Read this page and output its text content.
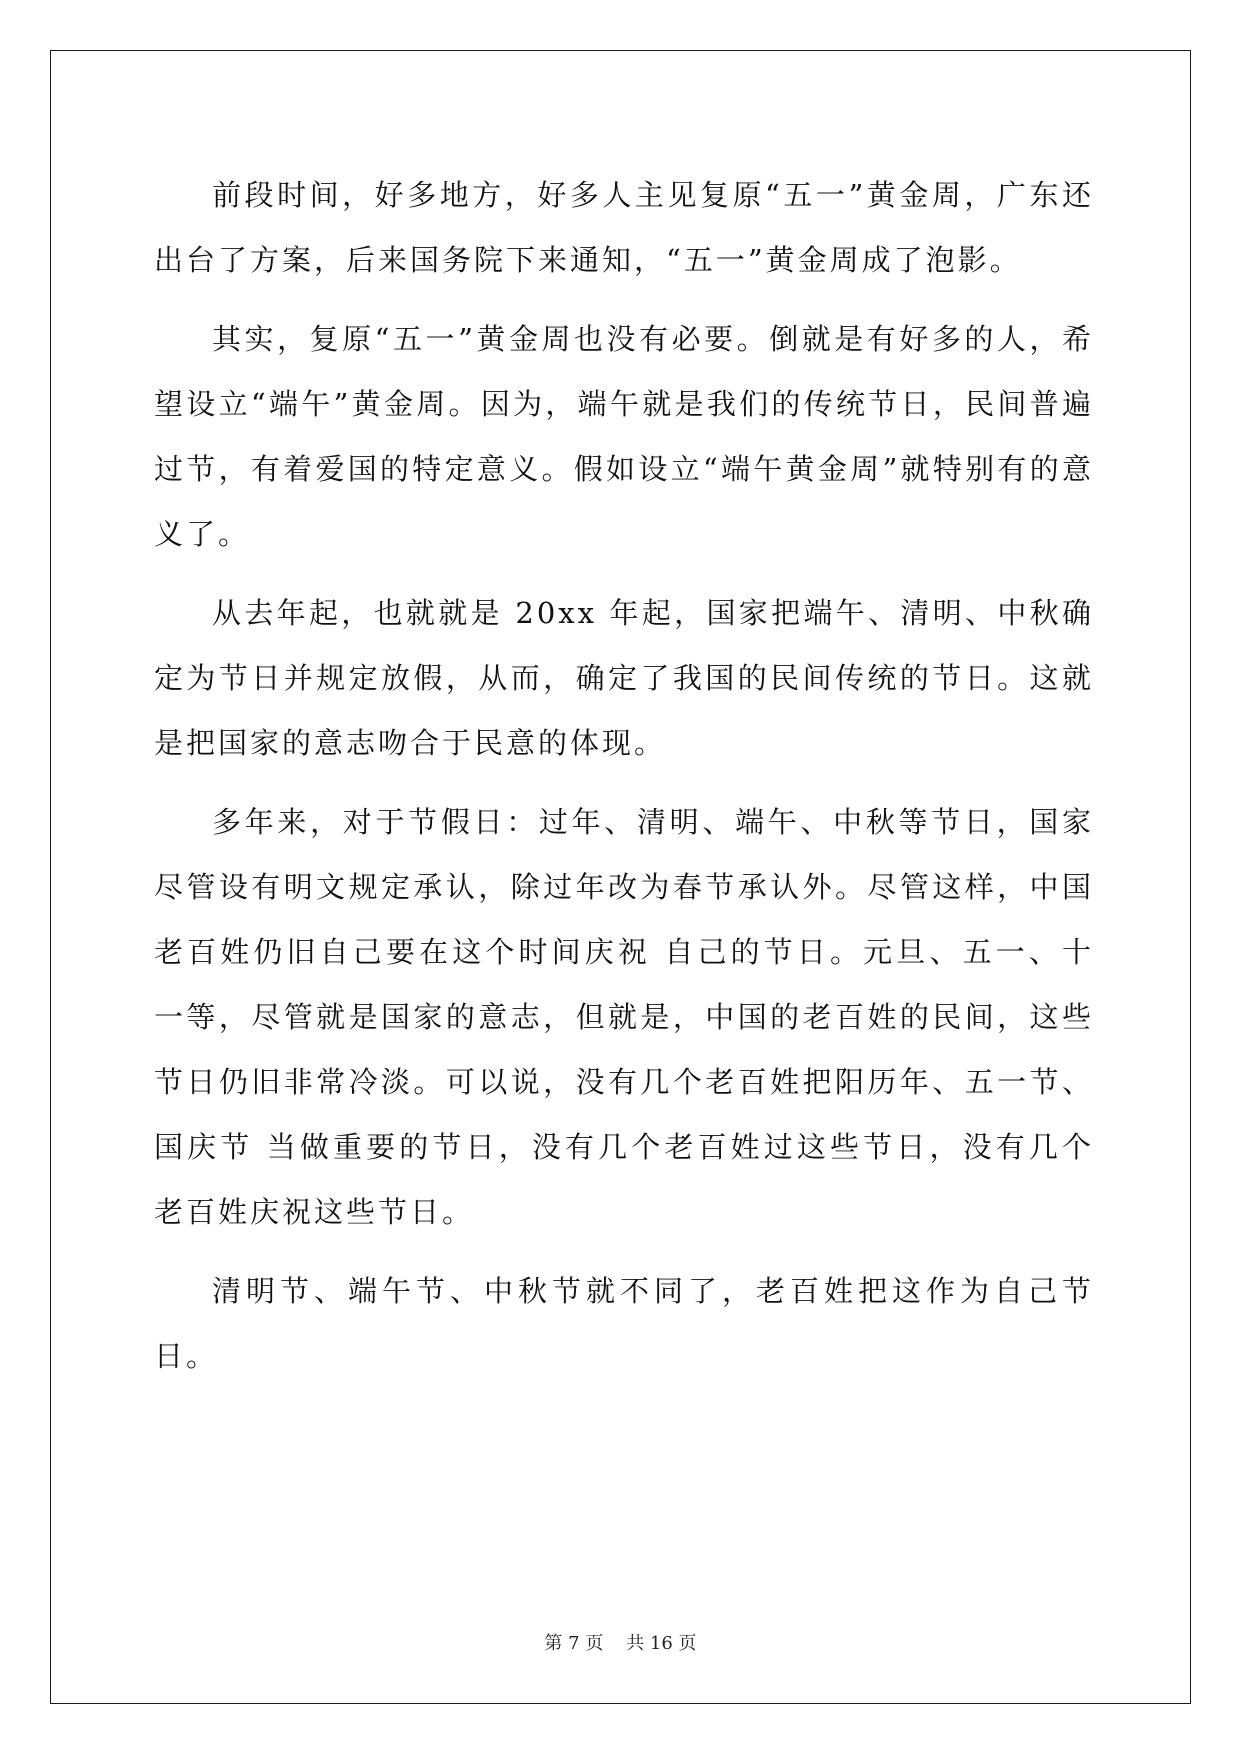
前段时间，好多地方，好多人主见复原“五一”黄金周，广东还出台了方案，后来国务院下来通知，“五一”黄金周成了泡影。

其实，复原“五一”黄金周也没有必要。倒就是有好多的人，希望设立“端午”黄金周。因为，端午就是我们的传统节日，民间普遍过节，有着爱国的特定意义。假如设立“端午黄金周”就特别有的意义了。

从去年起，也就就是 20xx 年起，国家把端午、清明、中秋确定为节日并规定放假，从而，确定了我国的民间传统的节日。这就是把国家的意志吻合于民意的体现。

多年来，对于节假日：过年、清明、端午、中秋等节日，国家尽管设有明文规定承认，除过年改为春节承认外。尽管这样，中国老百姓仍旧自己要在这个时间庆祝 自己的节日。元旦、五一、十一等，尽管就是国家的意志，但就是，中国的老百姓的民间，这些节日仍旧非常冷淡。可以说，没有几个老百姓把阳历年、五一节、国庆节 当做重要的节日，没有几个老百姓过这些节日，没有几个老百姓庆祝这些节日。

清明节、端午节、中秋节就不同了，老百姓把这作为自己节日。

第 7 页    共 16 页
